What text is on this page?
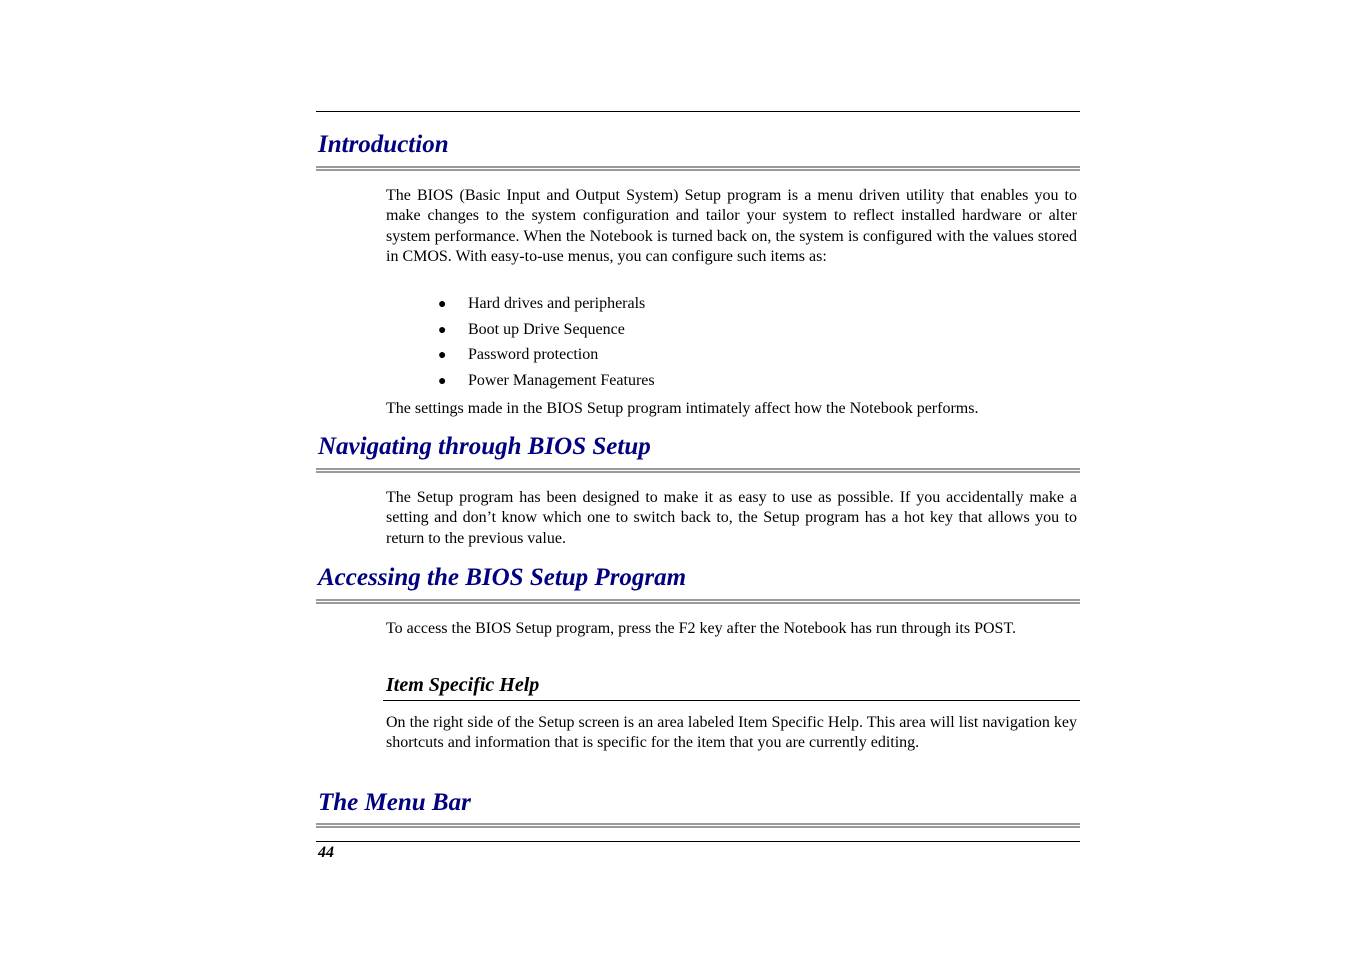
Introduction

The BIOS (Basic Input and Output System) Setup program is a menu driven utility that enables you to make changes to the system configuration and tailor your system to reflect installed hardware or alter system performance. When the Notebook is turned back on, the system is configured with the values stored in CMOS. With easy-to-use menus, you can configure such items as:

● Hard drives and peripherals
● Boot up Drive Sequence
● Password protection
● Power Management Features

The settings made in the BIOS Setup program intimately affect how the Notebook performs.

Navigating through BIOS Setup

The Setup program has been designed to make it as easy to use as possible. If you accidentally make a setting and don’t know which one to switch back to, the Setup program has a hot key that allows you to return to the previous value.

Accessing the BIOS Setup Program

To access the BIOS Setup program, press the F2 key after the Notebook has run through its POST.

Item Specific Help

On the right side of the Setup screen is an area labeled Item Specific Help. This area will list navigation key shortcuts and information that is specific for the item that you are currently editing.

The Menu Bar
44
